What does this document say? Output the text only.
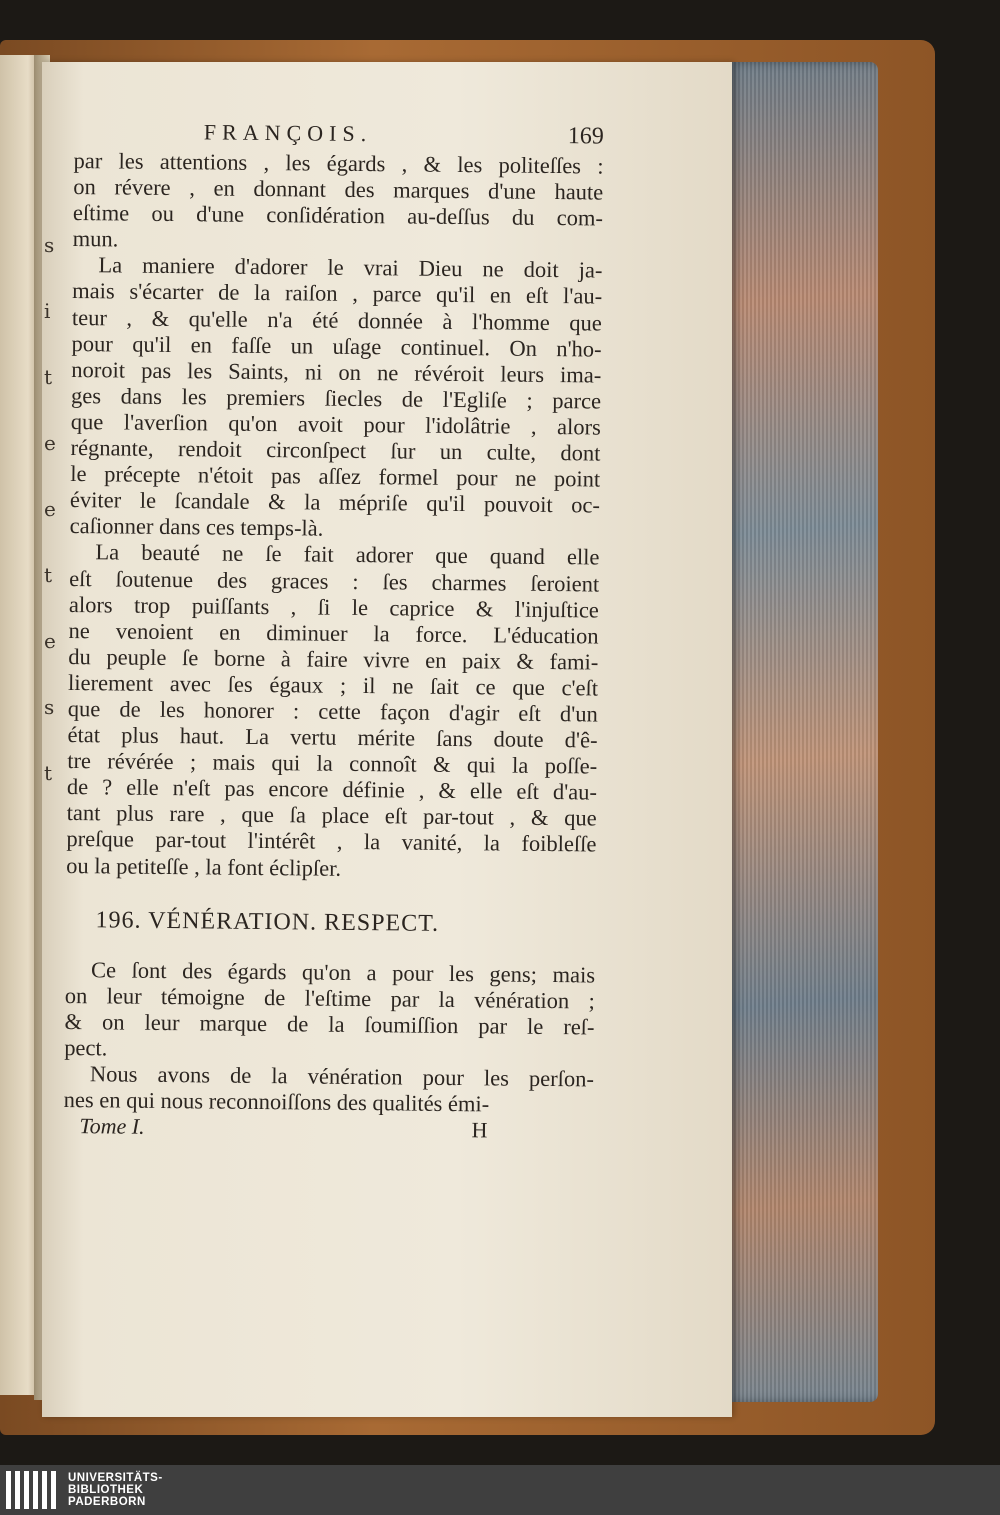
s
i
t
e
e
t
e
s
t
FRANÇOIS.	169

par les attentions , les égards , & les politeſſes :
on révere , en donnant des marques d'une haute
eſtime ou d'une conſidération au-deſſus du com-
mun.

La maniere d'adorer le vrai Dieu ne doit ja-
mais s'écarter de la raiſon , parce qu'il en eſt l'au-
teur , & qu'elle n'a été donnée à l'homme que
pour qu'il en faſſe un uſage continuel. On n'ho-
noroit pas les Saints, ni on ne révéroit leurs ima-
ges dans les premiers ſiecles de l'Egliſe ; parce
que l'averſion qu'on avoit pour l'idolâtrie , alors
régnante, rendoit circonſpect ſur un culte, dont
le précepte n'étoit pas aſſez formel pour ne point
éviter le ſcandale & la mépriſe qu'il pouvoit oc-
caſionner dans ces temps-là.

La beauté ne ſe fait adorer que quand elle
eſt ſoutenue des graces : ſes charmes ſeroient
alors trop puiſſants , ſi le caprice & l'injuſtice
ne venoient en diminuer la force. L'éducation
du peuple ſe borne à faire vivre en paix & fami-
lierement avec ſes égaux ; il ne ſait ce que c'eſt
que de les honorer : cette façon d'agir eſt d'un
état plus haut. La vertu mérite ſans doute d'ê-
tre révérée ; mais qui la connoît & qui la poſſe-
de ? elle n'eſt pas encore définie , & elle eſt d'au-
tant plus rare , que ſa place eſt par-tout , & que
preſque par-tout l'intérêt , la vanité, la foibleſſe
ou la petiteſſe , la font éclipſer.

196. VÉNÉRATION. RESPECT.

Ce ſont des égards qu'on a pour les gens; mais
on leur témoigne de l'eſtime par la vénération ;
& on leur marque de la ſoumiſſion par le reſ-
pect.

Nous avons de la vénération pour les perſon-
nes en qui nous reconnoiſſons des qualités émi-

Tome I.	H
UNIVERSITÄTS-
BIBLIOTHEK
PADERBORN
